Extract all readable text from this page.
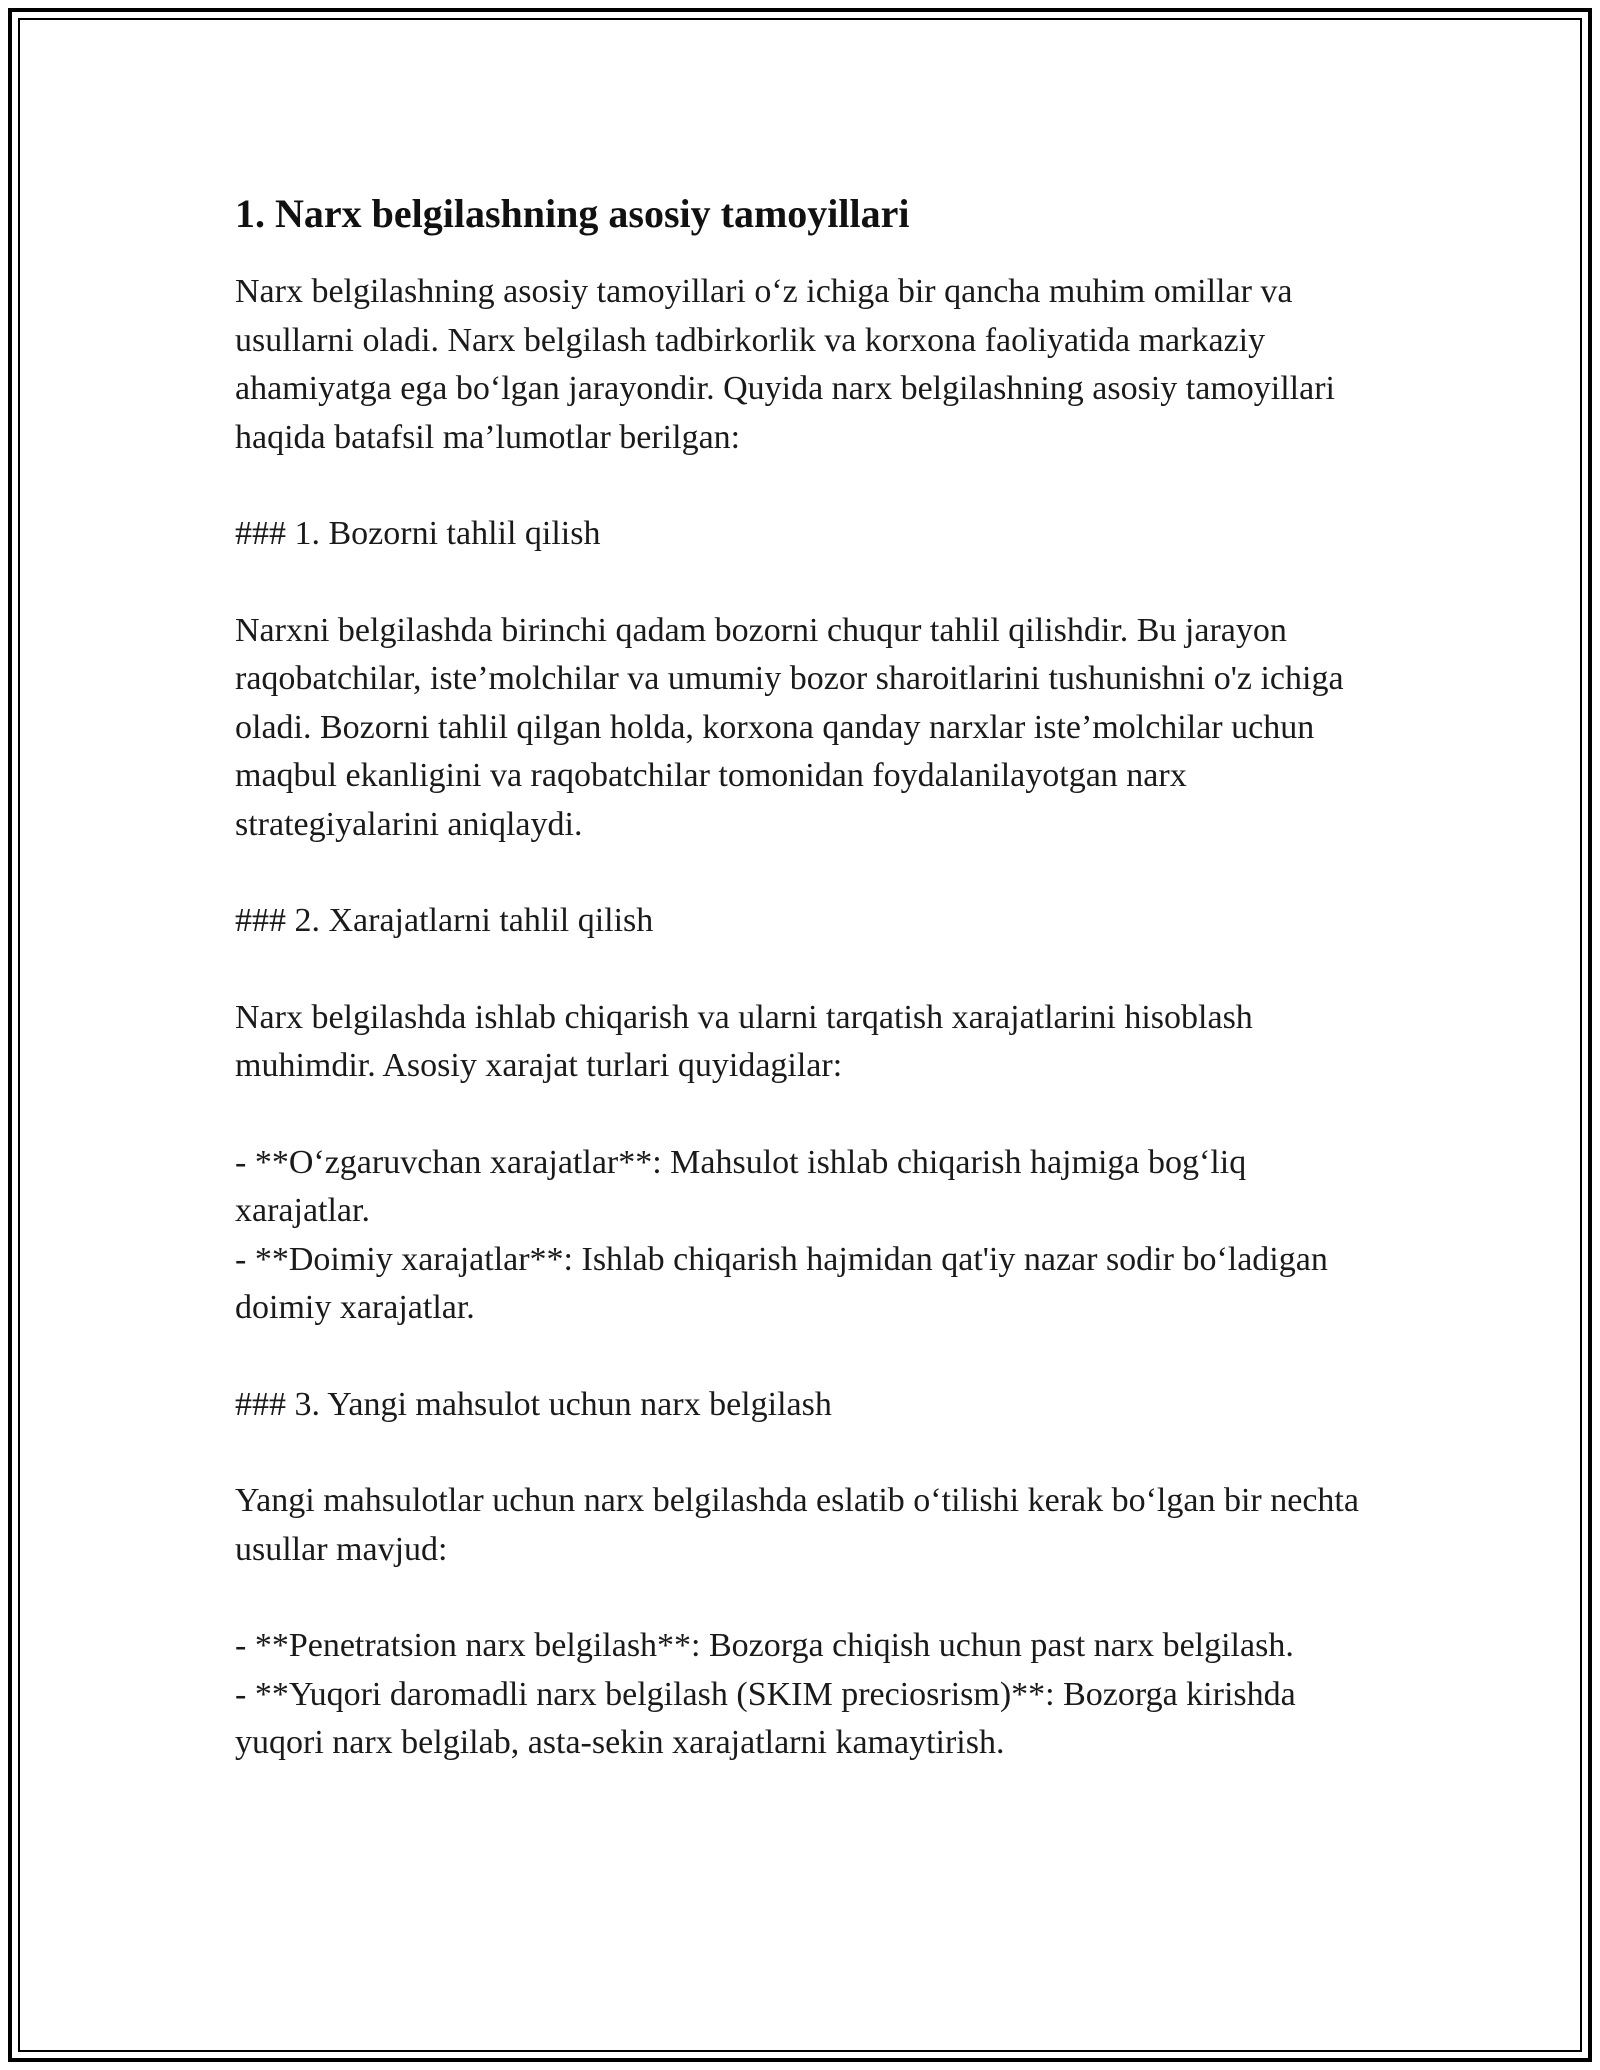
1. Narx belgilashning asosiy tamoyillari

Narx belgilashning asosiy tamoyillari o‘z ichiga bir qancha muhim omillar va usullarni oladi. Narx belgilash tadbirkorlik va korxona faoliyatida markaziy ahamiyatga ega bo‘lgan jarayondir. Quyida narx belgilashning asosiy tamoyillari haqida batafsil ma’lumotlar berilgan:

### 1. Bozorni tahlil qilish

Narxni belgilashda birinchi qadam bozorni chuqur tahlil qilishdir. Bu jarayon raqobatchilar, iste’molchilar va umumiy bozor sharoitlarini tushunishni o'z ichiga oladi. Bozorni tahlil qilgan holda, korxona qanday narxlar iste’molchilar uchun maqbul ekanligini va raqobatchilar tomonidan foydalanilayotgan narx strategiyalarini aniqlaydi.

### 2. Xarajatlarni tahlil qilish

Narx belgilashda ishlab chiqarish va ularni tarqatish xarajatlarini hisoblash muhimdir. Asosiy xarajat turlari quyidagilar:

- **O‘zgaruvchan xarajatlar**: Mahsulot ishlab chiqarish hajmiga bog‘liq xarajatlar.
- **Doimiy xarajatlar**: Ishlab chiqarish hajmidan qat'iy nazar sodir bo‘ladigan doimiy xarajatlar.

### 3. Yangi mahsulot uchun narx belgilash

Yangi mahsulotlar uchun narx belgilashda eslatib o‘tilishi kerak bo‘lgan bir nechta usullar mavjud:

- **Penetratsion narx belgilash**: Bozorga chiqish uchun past narx belgilash.
- **Yuqori daromadli narx belgilash (SKIM preciosrism)**: Bozorga kirishda yuqori narx belgilab, asta-sekin xarajatlarni kamaytirish.
